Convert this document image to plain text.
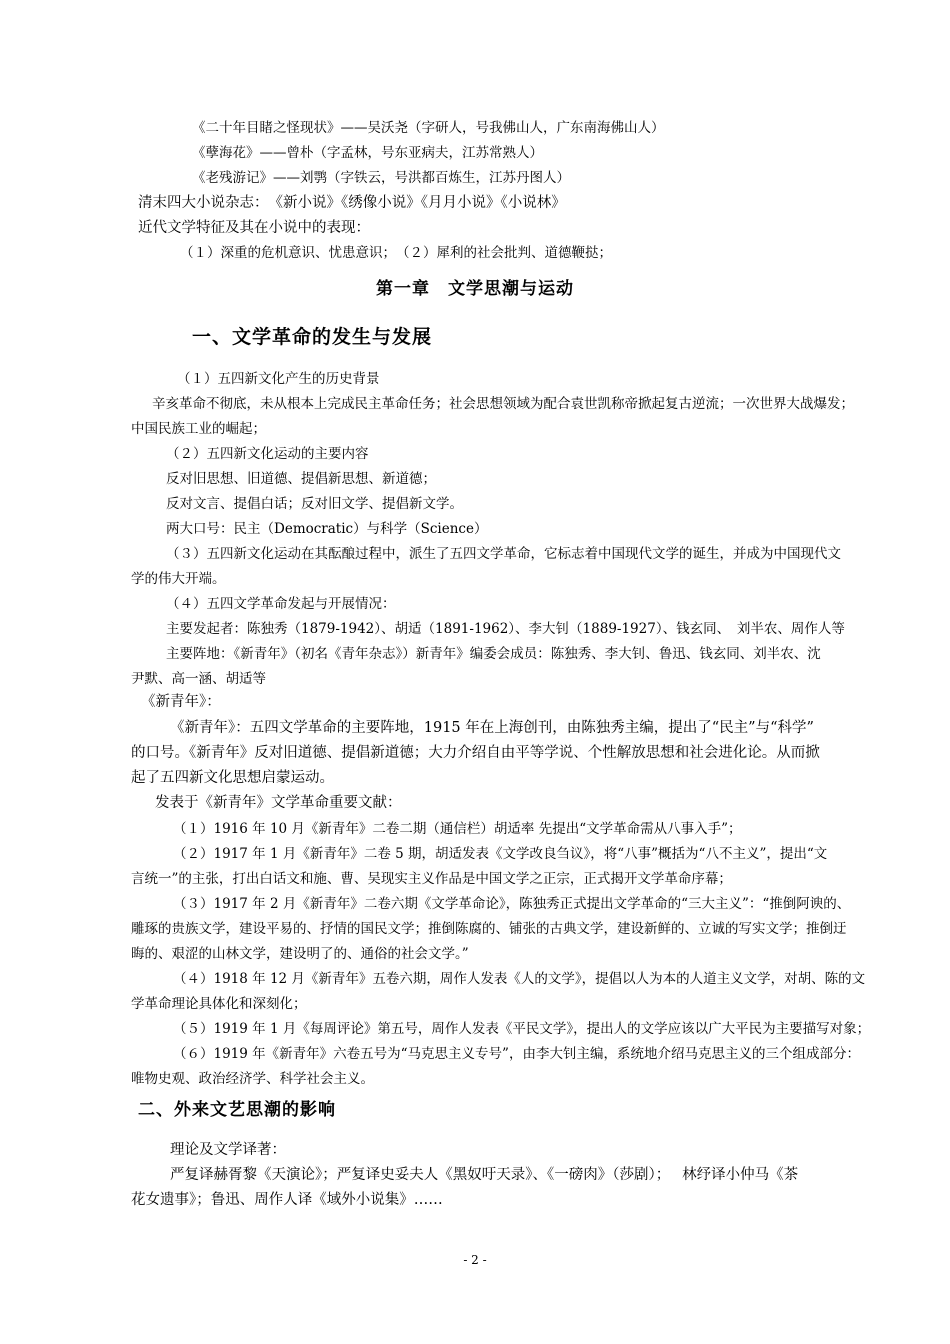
《二十年目睹之怪现状》——吴沃尧（字研人，号我佛山人，广东南海佛山人）
《孽海花》——曾朴（字孟林，号东亚病夫，江苏常熟人）
《老残游记》——刘鹗（字铁云，号洪都百炼生，江苏丹图人）
清末四大小说杂志：　《新小说》《绣像小说》《月月小说》《小说林》
近代文学特征及其在小说中的表现：
（１）深重的危机意识、忧患意识；　（２）犀利的社会批判、道德鞭挞；
第一章　文学思潮与运动
一、文学革命的发生与发展
（１）五四新文化产生的历史背景
辛亥革命不彻底，未从根本上完成民主革命任务；社会思想领域为配合袁世凯称帝掀起复古逆流；一次世界大战爆发；
中国民族工业的崛起；
（２）五四新文化运动的主要内容
反对旧思想、旧道德、提倡新思想、新道德；
反对文言、提倡白话；反对旧文学、提倡新文学。
两大口号：民主（Democratic）与科学（Science）
（３）五四新文化运动在其酝酿过程中，派生了五四文学革命，它标志着中国现代文学的诞生，并成为中国现代文
学的伟大开端。
（４）五四文学革命发起与开展情况：
主要发起者：陈独秀（1879-1942）、胡适（1891-1962）、李大钊（1889-1927）、钱玄同、　刘半农、周作人等
主要阵地：《新青年》（初名《青年杂志》）新青年》编委会成员：陈独秀、李大钊、鲁迅、钱玄同、刘半农、沈
尹默、高一涵、胡适等
《新青年》：
《新青年》：五四文学革命的主要阵地，1915 年在上海创刊，由陈独秀主编，提出了“民主”与“科学”
的口号。《新青年》反对旧道德、提倡新道德；大力介绍自由平等学说、个性解放思想和社会进化论。从而掀
起了五四新文化思想启蒙运动。
发表于《新青年》文学革命重要文献：
（１）1916 年 10 月《新青年》二卷二期（通信栏）胡适率 先提出“文学革命需从八事入手”；
（２）1917 年 1 月《新青年》二卷 5 期，胡适发表《文学改良刍议》，将“八事”概括为“八不主义”，提出“文
言统一”的主张，打出白话文和施、曹、吴现实主义作品是中国文学之正宗，正式揭开文学革命序幕；
（３）1917 年 2 月《新青年》二卷六期《文学革命论》，陈独秀正式提出文学革命的“三大主义”：“推倒阿谀的、
雕琢的贵族文学，建设平易的、抒情的国民文学；推倒陈腐的、铺张的古典文学，建设新鲜的、立诚的写实文学；推倒迂
晦的、艰涩的山林文学，建设明了的、通俗的社会文学。”
（４）1918 年 12 月《新青年》五卷六期，周作人发表《人的文学》，提倡以人为本的人道主义文学，对胡、陈的文
学革命理论具体化和深刻化；
（５）1919 年 1 月《每周评论》第五号，周作人发表《平民文学》，提出人的文学应该以广大平民为主要描写对象；
（６）1919 年《新青年》六卷五号为“马克思主义专号”，由李大钊主编，系统地介绍马克思主义的三个组成部分：
唯物史观、政治经济学、科学社会主义。
二、外来文艺思潮的影响
理论及文学译著：
严复译赫胥黎《天演论》；严复译史妥夫人《黑奴吁天录》、《一磅肉》（莎剧）；　 林纾译小仲马《茶
花女遗事》；鲁迅、周作人译《域外小说集》……
- 2 -
